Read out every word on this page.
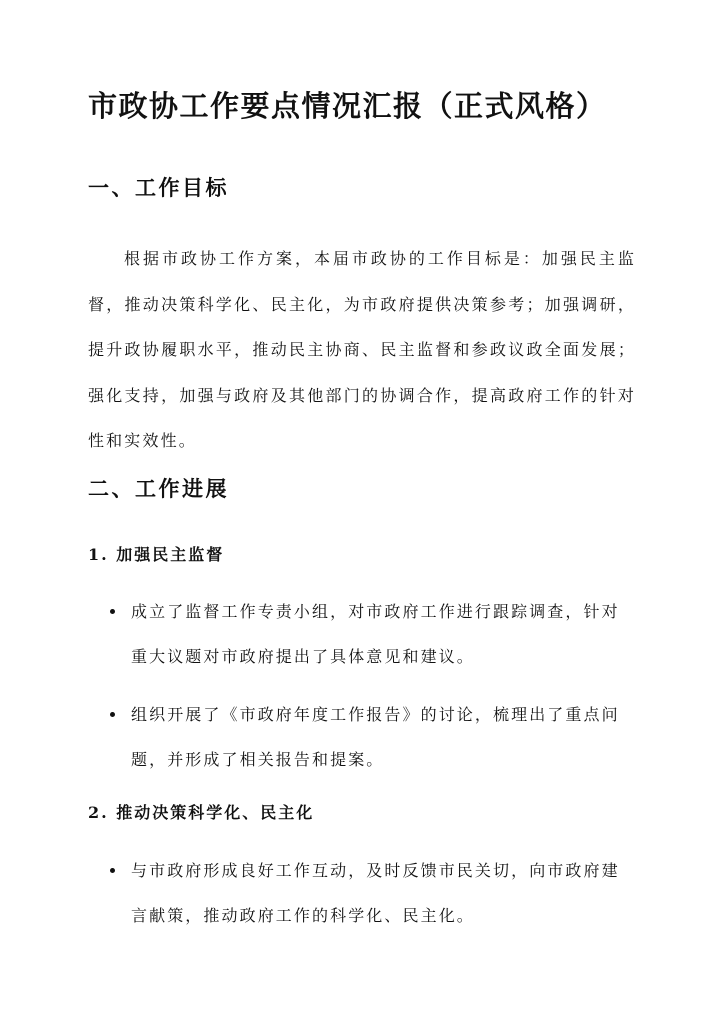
市政协工作要点情况汇报（正式风格）
一、工作目标

根据市政协工作方案，本届市政协的工作目标是：加强民主监督，推动决策科学化、民主化，为市政府提供决策参考；加强调研，提升政协履职水平，推动民主协商、民主监督和参政议政全面发展；强化支持，加强与政府及其他部门的协调合作，提高政府工作的针对性和实效性。

二、工作进展
1. 加强民主监督
成立了监督工作专责小组，对市政府工作进行跟踪调查，针对重大议题对市政府提出了具体意见和建议。
组织开展了《市政府年度工作报告》的讨论，梳理出了重点问题，并形成了相关报告和提案。
2. 推动决策科学化、民主化
与市政府形成良好工作互动，及时反馈市民关切，向市政府建言献策，推动政府工作的科学化、民主化。
